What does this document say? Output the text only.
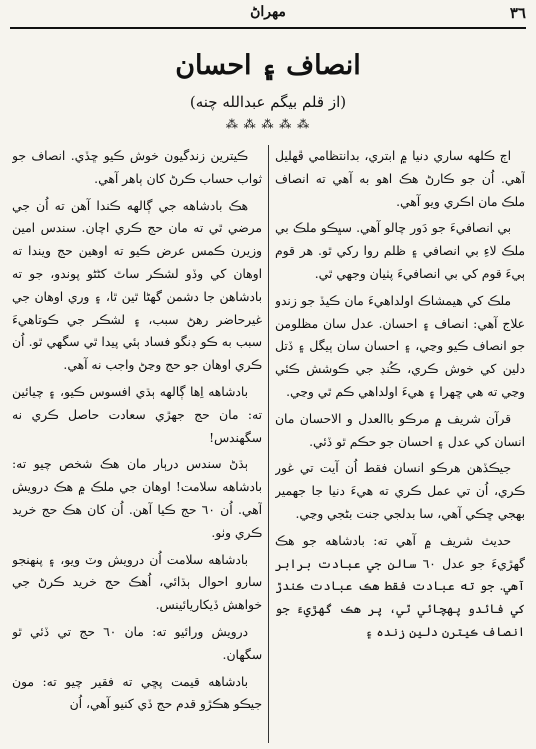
٣٦
مهراڻ
انصاف ۽ احسان
(از قلم بيگم عبدالله چنه)
⁂ ⁂ ⁂ ⁂ ⁂

اڄ ڪلهه ساري دنيا ۾ ابتري، بدانتظامي ڦهليل آهي. اُن جو ڪارڻ هڪ اهو به آهي ته انصاف ملڪ مان اڪري ويو آهي.

بي انصافيءَ جو دَور چالو آهي. سڀڪو ملڪ بي ملڪ لاءِ بي انصافي ۽ ظلم روا رکي ٿو. هر قوم ٻيءَ قوم کي بي انصافيءَ پٺيان وجهي ٿي.

ملڪ کي هيمشاڪ اولداهيءَ مان ڪيڏ جو زندو علاج آهي: انصاف ۽ احسان. عدل سان مظلومن جو انصاف ڪيو وڃي، ۽ احسان سان ٻيگل ۽ ڏتل دلين کي خوش ڪري، ڪُنڊ جي ڪوشش ڪئي وڃي ته هي ڇهرا ۽ هيءَ اولداهي ڪم ٿي وڃي.

قرآن شريف ۾ مرڪو باالعدل و الاحسان مان انسان کي عدل ۽ احسان جو حڪم ٿو ڏئي.

جيڪڏهن هرڪو انسان فقط اُن آيت تي غور ڪري، اُن تي عمل ڪري ته هيءَ دنيا جا جهمير بهجي ڇڪي آهي، سا بدلجي جنت بڻجي وڃي.

حديث شريف ۾ آهي ته: بادشاهه جو هڪ گهڙيءَ جو عدل ٦٠ سالن جي عبادت برابر آهي. جو ته عبادت فقط هڪ عبادت ڪندڙ کي فائدو پهچائي ٿي، پر هڪ گهڙيءَ جو انصاف ڪيترن دلين زنده ۽

ڪيترين زندگيون خوش ڪيو ڇڏي. انصاف جو ثواب حساب ڪرڻ کان ٻاهر آهي.

هڪ بادشاهه جي ڳالهه ڪندا آهن ته اُن جي مرضي ٿي ته مان حج ڪري اچان. سندس امين وزيرن ڪمس عرض ڪيو ته اوهين حج ويندا ته اوهان کي وڏو لشڪر ساٿ کڻڻو پوندو، جو ته بادشاهن جا دشمن گهڻا ٿين ٿا، ۽ وري اوهان جي غيرحاضر رهڻ سبب، ۽ لشڪر جي ڪوتاهيءَ سبب به ڪو ڊنگو فساد ٻئي پيدا ٿي سگهي ٿو. اُن ڪري اوهان جو حج وڃڻ واجب نه آهي.

بادشاهه اِها ڳالهه ٻڌي افسوس ڪيو، ۽ چيائين ته: مان حج جهڙي سعادت حاصل ڪري نه سگهندس!

ٻڌڻ سندس درٻار مان هڪ شخص چيو ته: بادشاهه سلامت! اوهان جي ملڪ ۾ هڪ درويش آهي. اُن ٦٠ حج ڪيا آهن. اُن کان هڪ حج خريد ڪري وٺو.

بادشاهه سلامت اُن درويش وٽ ويو، ۽ پنهنجو سارو احوال ٻڌائي، اُهڪ حج خريد ڪرڻ جي خواهش ڏيکاريائينس.

درويش ورائيو ته: مان ٦٠ حج تي ڏئي ٿو سگهان.

بادشاهه قيمت پڇي ته فقير چيو ته: مون جيڪو هڪڙو قدم حج ڏي کنيو آهي، اُن
